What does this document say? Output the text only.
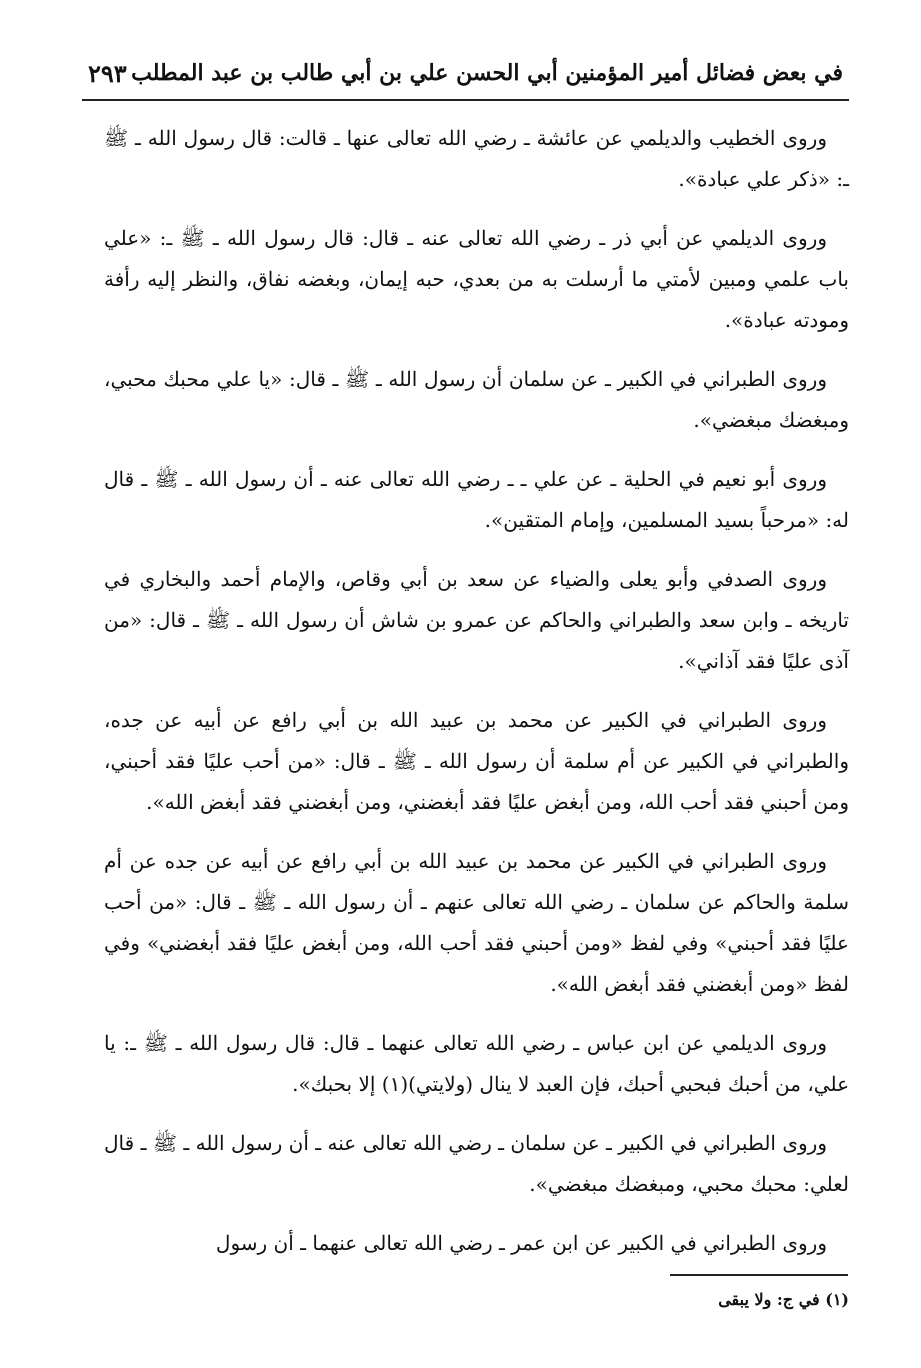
في بعض فضائل أمير المؤمنين أبي الحسن علي بن أبي طالب بن عبد المطلب
٢٩٣

وروى الخطيب والديلمي عن عائشة ـ رضي الله تعالى عنها ـ قالت: قال رسول الله ـ ﷺ ـ: «ذكر علي عبادة».

وروى الديلمي عن أبي ذر ـ رضي الله تعالى عنه ـ قال: قال رسول الله ـ ﷺ ـ: «علي باب علمي ومبين لأمتي ما أرسلت به من بعدي، حبه إيمان، وبغضه نفاق، والنظر إليه رأفة ومودته عبادة».

وروى الطبراني في الكبير ـ عن سلمان أن رسول الله ـ ﷺ ـ قال: «يا علي محبك محبي، ومبغضك مبغضي».

وروى أبو نعيم في الحلية ـ عن علي ـ ـ رضي الله تعالى عنه ـ أن رسول الله ـ ﷺ ـ قال له: «مرحباً بسيد المسلمين، وإمام المتقين».

وروى الصدفي وأبو يعلى والضياء عن سعد بن أبي وقاص، والإمام أحمد والبخاري في تاريخه ـ وابن سعد والطبراني والحاكم عن عمرو بن شاش أن رسول الله ـ ﷺ ـ قال: «من آذى عليًا فقد آذاني».

وروى الطبراني في الكبير عن محمد بن عبيد الله بن أبي رافع عن أبيه عن جده، والطبراني في الكبير عن أم سلمة أن رسول الله ـ ﷺ ـ قال: «من أحب عليًا فقد أحبني، ومن أحبني فقد أحب الله، ومن أبغض عليًا فقد أبغضني، ومن أبغضني فقد أبغض الله».

وروى الطبراني في الكبير عن محمد بن عبيد الله بن أبي رافع عن أبيه عن جده عن أم سلمة والحاكم عن سلمان ـ رضي الله تعالى عنهم ـ أن رسول الله ـ ﷺ ـ قال: «من أحب عليًا فقد أحبني» وفي لفظ «ومن أحبني فقد أحب الله، ومن أبغض عليًا فقد أبغضني» وفي لفظ «ومن أبغضني فقد أبغض الله».

وروى الديلمي عن ابن عباس ـ رضي الله تعالى عنهما ـ قال: قال رسول الله ـ ﷺ ـ: يا علي، من أحبك فبحبي أحبك، فإن العبد لا ينال (ولايتي)(١) إلا بحبك».

وروى الطبراني في الكبير ـ عن سلمان ـ رضي الله تعالى عنه ـ أن رسول الله ـ ﷺ ـ قال لعلي: محبك محبي، ومبغضك مبغضي».

وروى الطبراني في الكبير عن ابن عمر ـ رضي الله تعالى عنهما ـ أن رسول

(١) في ج: ولا يبقى
